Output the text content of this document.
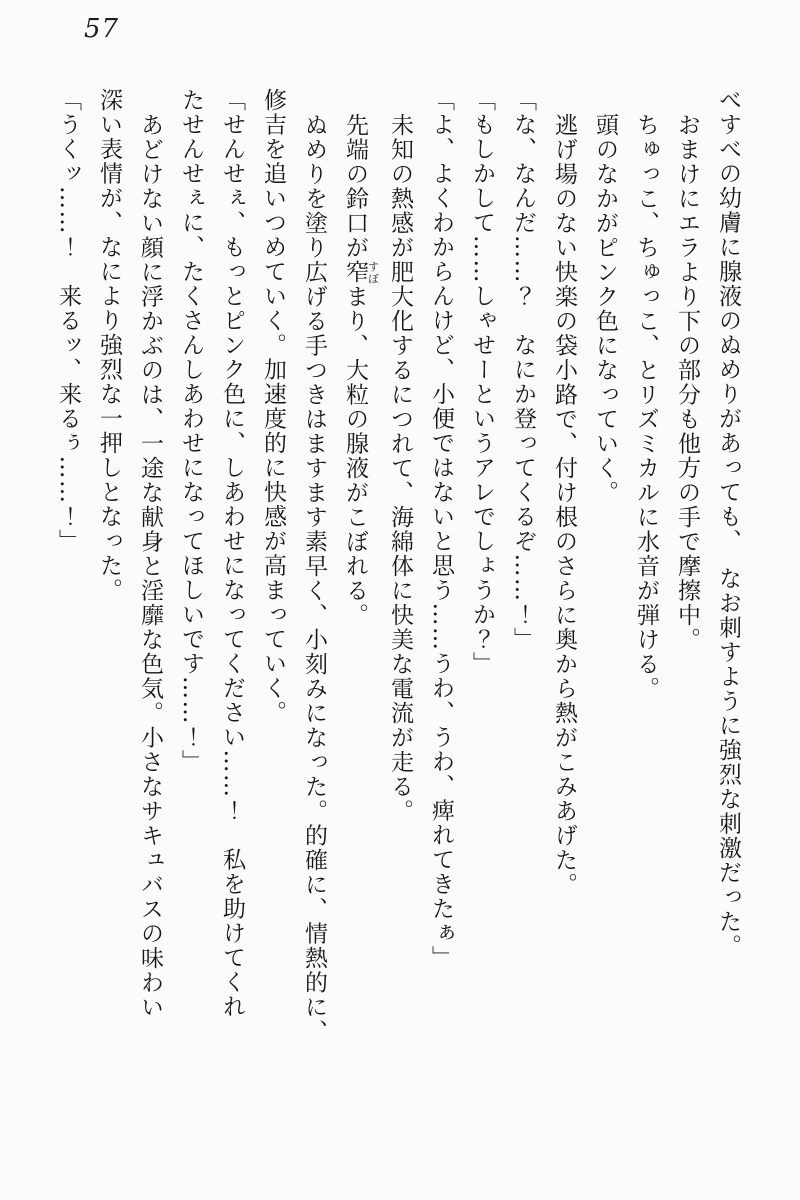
57

べすべの幼膚に腺液のぬめりがあっても、　なお刺すように強烈な刺激だった。

おまけにエラより下の部分も他方の手で摩擦中。

ちゅっこ、ちゅっこ、とリズミカルに水音が弾ける。

頭のなかがピンク色になっていく。

逃げ場のない快楽の袋小路で、付け根のさらに奥から熱がこみあげた。

「な、なんだ……？　なにか登ってくるぞ……！」

「もしかして……しゃせーというアレでしょうか？」

「よ、よくわからんけど、小便ではないと思う……うわ、うわ、痺れてきたぁ」

未知の熱感が肥大化するにつれて、海綿体に快美な電流が走る。

先端の鈴口が窄すぼまり、大粒の腺液がこぼれる。

ぬめりを塗り広げる手つきはますます素早く、小刻みになった。的確に、情熱的に、

修吉を追いつめていく。加速度的に快感が高まっていく。

「せんせぇ、もっとピンク色に、しあわせになってください……！　私を助けてくれ

たせんせぇに、たくさんしあわせになってほしいです……！」

あどけない顔に浮かぶのは、一途な献身と淫靡な色気。小さなサキュバスの味わい

深い表情が、なにより強烈な一押しとなった。

「うくッ……！　来るッ、来るぅ……！」
